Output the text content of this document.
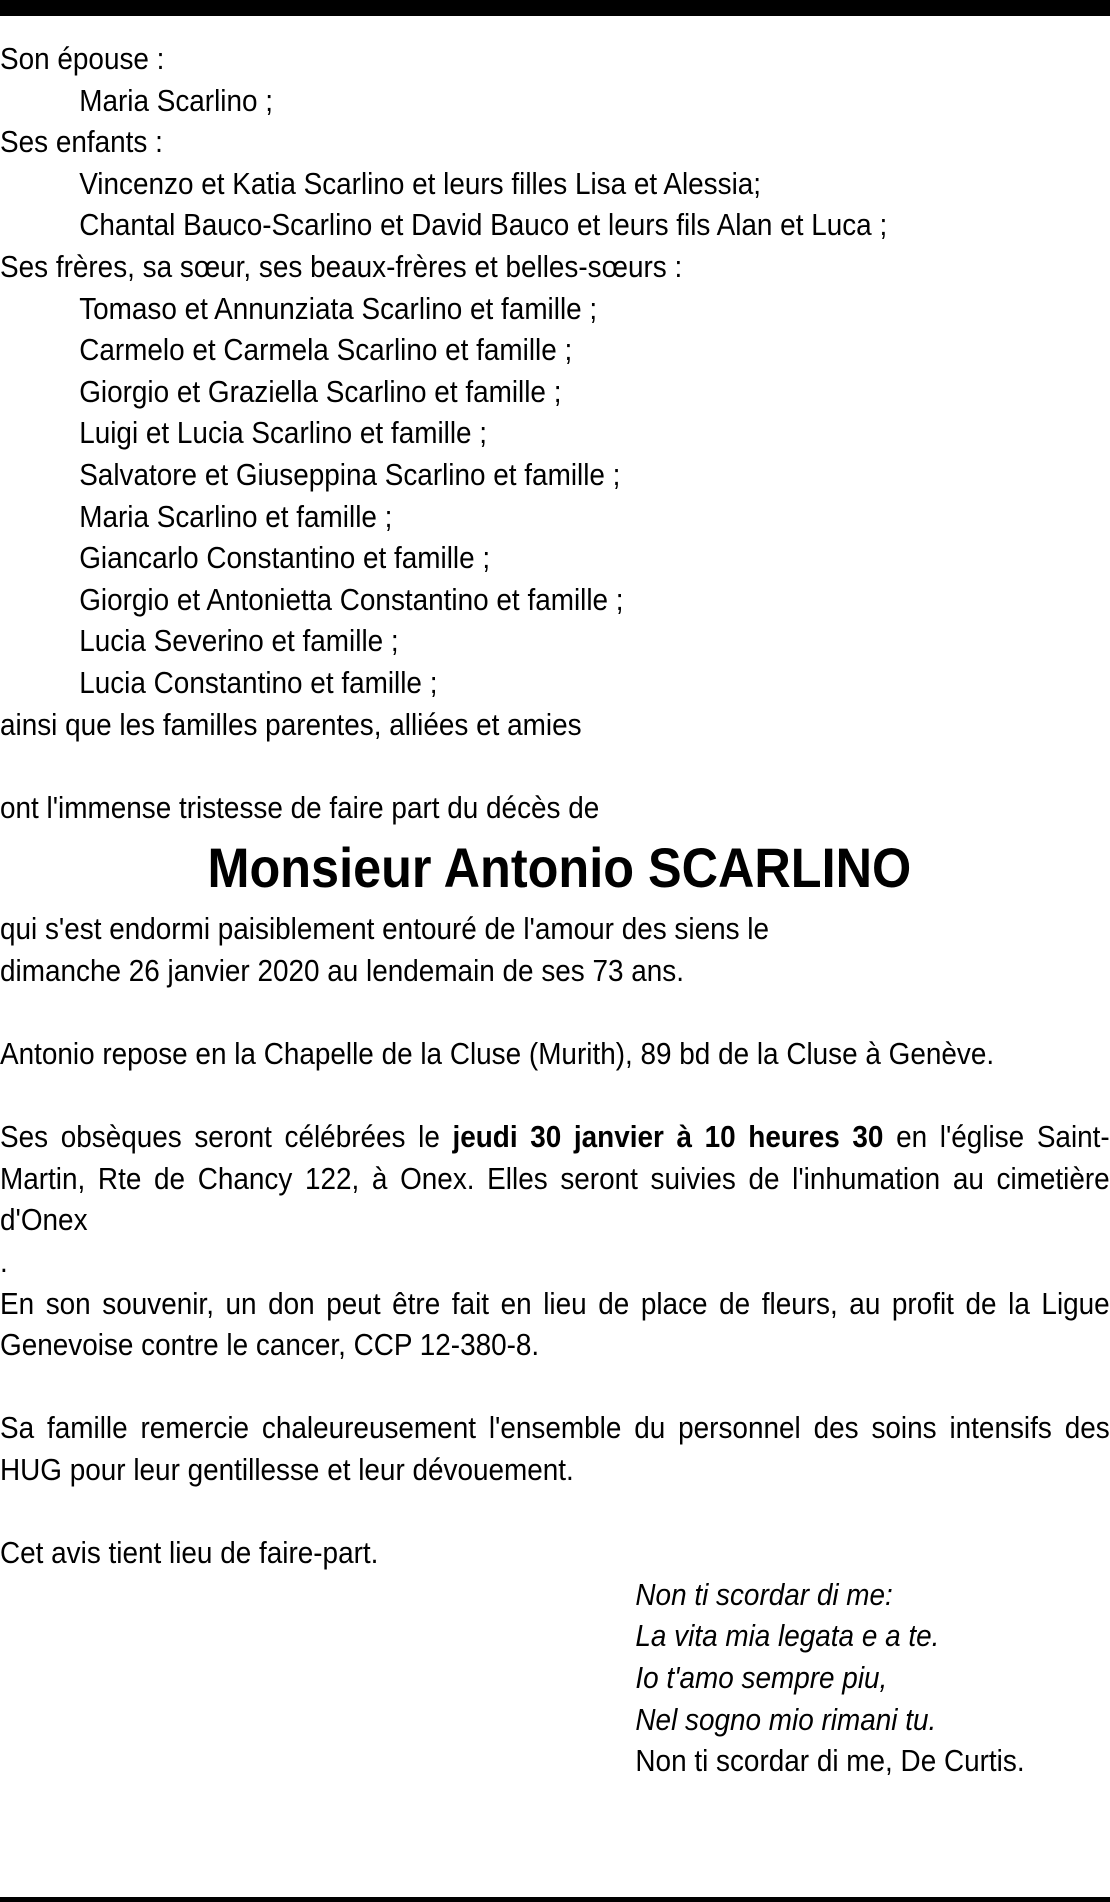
Son épouse :
Maria Scarlino ;
Ses enfants :
Vincenzo et Katia Scarlino et leurs filles Lisa et Alessia;
Chantal Bauco-Scarlino et David Bauco et leurs fils Alan et Luca ;
Ses frères, sa sœur, ses beaux-frères et belles-sœurs :
Tomaso et Annunziata Scarlino et famille ;
Carmelo et Carmela Scarlino et famille ;
Giorgio et Graziella Scarlino et famille ;
Luigi et Lucia Scarlino et famille ;
Salvatore et Giuseppina Scarlino et famille ;
Maria Scarlino et famille ;
Giancarlo Constantino et famille ;
Giorgio et Antonietta Constantino et famille ;
Lucia Severino et famille ;
Lucia Constantino et famille ;
ainsi que les familles parentes, alliées et amies
ont l'immense tristesse de faire part du décès de
Monsieur Antonio SCARLINO
qui s'est endormi paisiblement entouré de l'amour des siens le
dimanche 26 janvier 2020 au lendemain de ses 73 ans.
Antonio repose en la Chapelle de la Cluse (Murith), 89 bd de la Cluse à Genève.
Ses obsèques seront célébrées le jeudi 30 janvier à 10 heures 30 en l'église Saint-Martin, Rte de Chancy 122, à Onex. Elles seront suivies de l'inhumation au cimetière d'Onex
.
En son souvenir, un don peut être fait en lieu de place de fleurs, au profit de la Ligue Genevoise contre le cancer, CCP 12-380-8.
Sa famille remercie chaleureusement l'ensemble du personnel des soins intensifs des HUG pour leur gentillesse et leur dévouement.
Cet avis tient lieu de faire-part.
Non ti scordar di me:
La vita mia legata e a te.
Io t'amo sempre piu,
Nel sogno mio rimani tu.
Non ti scordar di me, De Curtis.
